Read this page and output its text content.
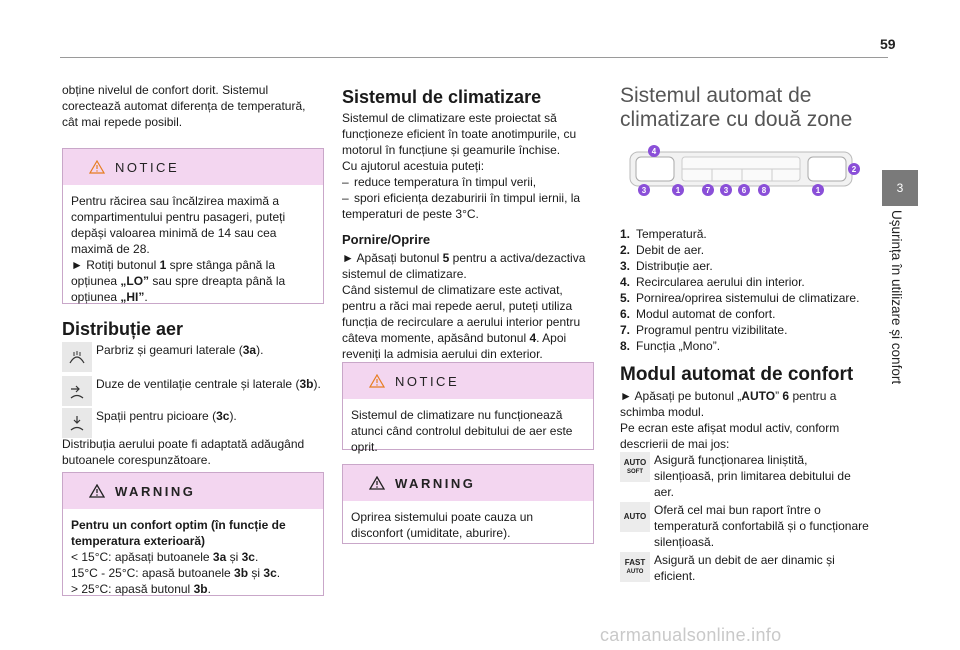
59
3
Ușurința în utilizare și confort
obține nivelul de confort dorit. Sistemul corectează automat diferența de temperatură, cât mai repede posibil.
NOTICE
Pentru răcirea sau încălzirea maximă a compartimentului pentru pasageri, puteți depăși valoarea minimă de 14 sau cea maximă de 28.
► Rotiți butonul 1 spre stânga până la opțiunea „LO” sau spre dreapta până la opțiunea „HI”.
Distribuție aer
Parbriz și geamuri laterale (3a).
Duze de ventilație centrale și laterale (3b).
Spații pentru picioare (3c).
Distribuția aerului poate fi adaptată adăugând butoanele corespunzătoare.
WARNING
Pentru un confort optim (în funcție de temperatura exterioară)
< 15°C: apăsați butoanele 3a și 3c.
15°C - 25°C: apasă butoanele 3b și 3c.
> 25°C: apasă butonul 3b.
Sistemul de climatizare
Sistemul de climatizare este proiectat să funcționeze eficient în toate anotimpurile, cu motorul în funcțiune și geamurile închise.
Cu ajutorul acestuia puteți:
– reduce temperatura în timpul verii,
– spori eficiența dezaburirii în timpul iernii, la temperaturi de peste 3°C.
Pornire/Oprire
► Apăsați butonul 5 pentru a activa/dezactiva sistemul de climatizare.
Când sistemul de climatizare este activat, pentru a răci mai repede aerul, puteți utiliza funcția de recirculare a aerului interior pentru câteva momente, apăsând butonul 4. Apoi reveniți la admisia aerului din exterior.
NOTICE
Sistemul de climatizare nu funcționează atunci când controlul debitului de aer este oprit.
WARNING
Oprirea sistemului poate cauza un disconfort (umiditate, aburire).
Sistemul automat de climatizare cu două zone
4
2
3	1	7 3 6 8	1
1. Temperatură.
2. Debit de aer.
3. Distribuție aer.
4. Recircularea aerului din interior.
5. Pornirea/oprirea sistemului de climatizare.
6. Modul automat de confort.
7. Programul pentru vizibilitate.
8. Funcția „Mono”.
Modul automat de confort
► Apăsați pe butonul „AUTO” 6 pentru a schimba modul.
Pe ecran este afișat modul activ, conform descrierii de mai jos:
AUTO
SOFT
Asigură funcționarea liniștită, silențioasă, prin limitarea debitului de aer.
AUTO Oferă cel mai bun raport între o temperatură confortabilă și o funcționare silențioasă.
FAST
AUTO
Asigură un debit de aer dinamic și eficient.
carmanualsonline.info
